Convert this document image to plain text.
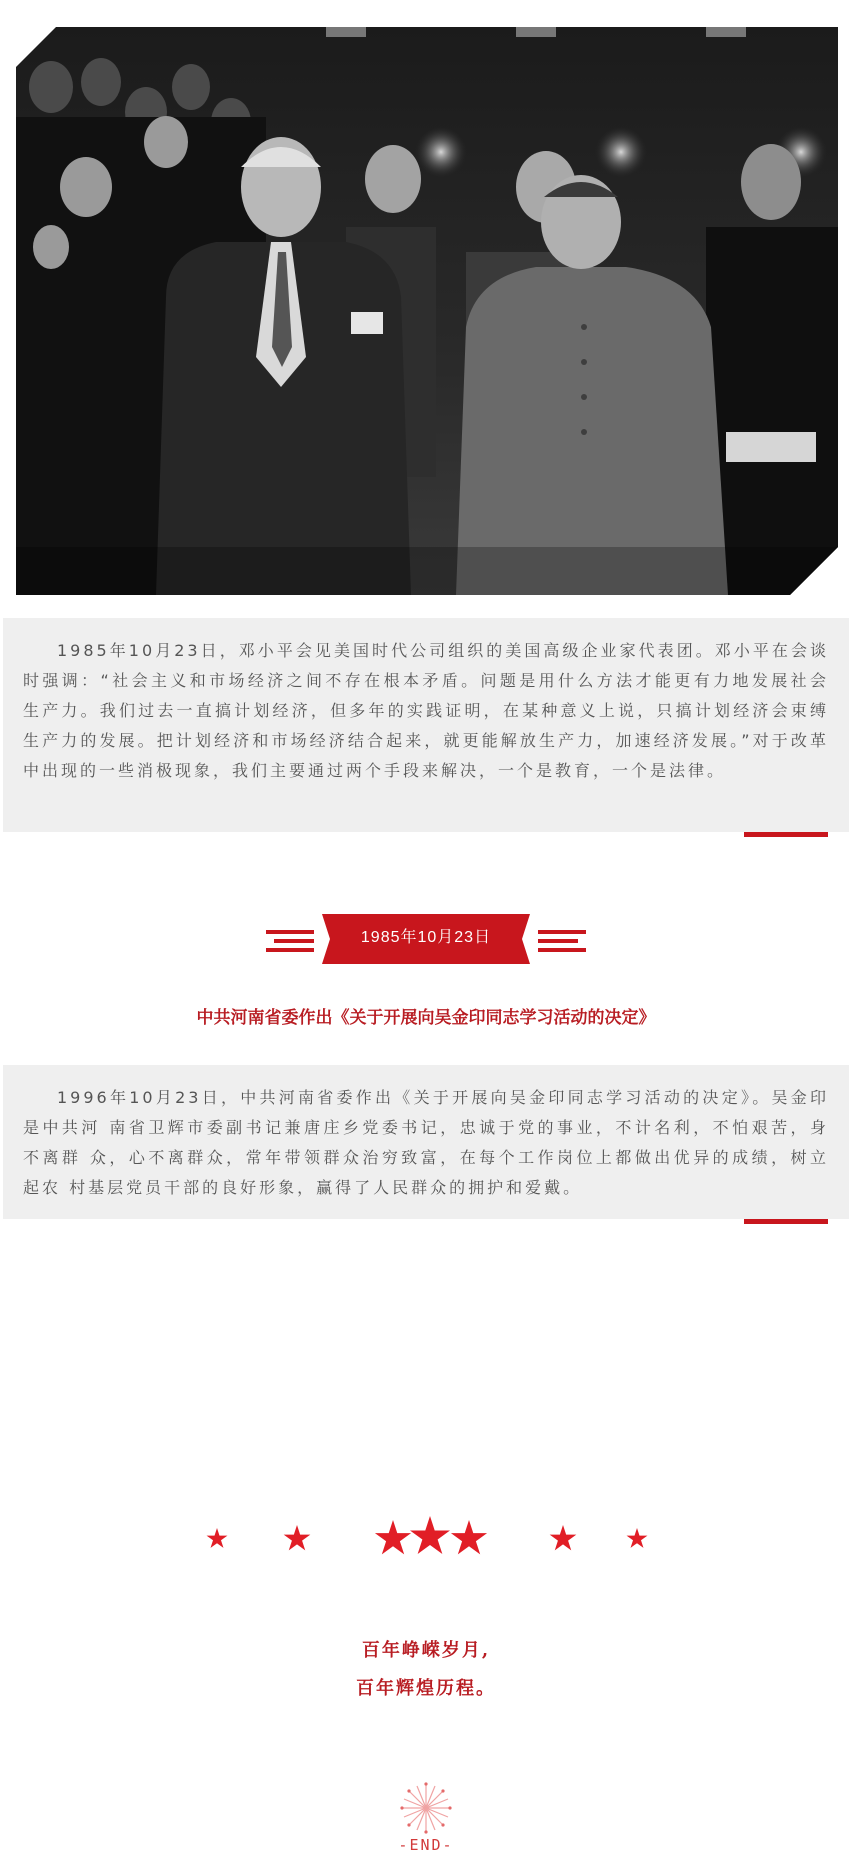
1985年10月23日，邓小平会见美国时代公司组织的美国高级企业家代表团。邓小平在会谈时强调：“社会主义和市场经济之间不存在根本矛盾。问题是用什么方法才能更有力地发展社会生产力。我们过去一直搞计划经济，但多年的实践证明，在某种意义上说，只搞计划经济会束缚生产力的发展。把计划经济和市场经济结合起来，就更能解放生产力，加速经济发展。”对于改革中出现的一些消极现象，我们主要通过两个手段来解决，一个是教育，一个是法律。

1985年10月23日
中共河南省委作出《关于开展向吴金印同志学习活动的决定》

1996年10月23日，中共河南省委作出《关于开展向吴金印同志学习活动的决定》。吴金印是中共河 南省卫辉市委副书记兼唐庄乡党委书记，忠诚于党的事业，不计名利，不怕艰苦，身不离群 众，心不离群众，常年带领群众治穷致富，在每个工作岗位上都做出优异的成绩，树立起农 村基层党员干部的良好形象，赢得了人民群众的拥护和爱戴。

百年峥嵘岁月,
百年辉煌历程。
-END-
